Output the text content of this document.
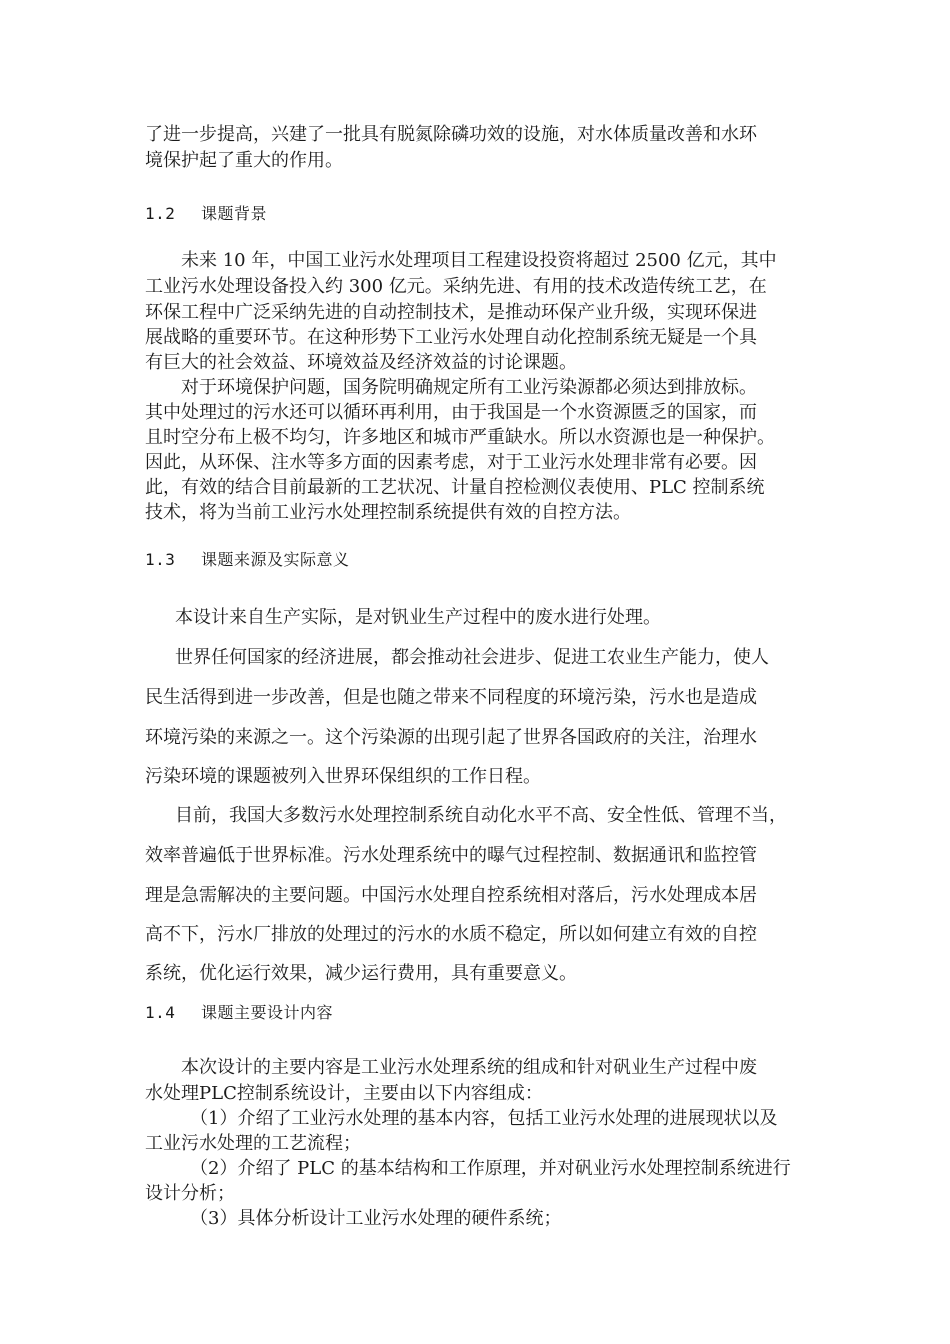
了进一步提高，兴建了一批具有脱氮除磷功效的设施，对水体质量改善和水环
境保护起了重大的作用。
1.2 课题背景
未来 10 年，中国工业污水处理项目工程建设投资将超过 2500 亿元，其中
工业污水处理设备投入约 300 亿元。采纳先进、有用的技术改造传统工艺，在
环保工程中广泛采纳先进的自动控制技术，是推动环保产业升级，实现环保进
展战略的重要环节。在这种形势下工业污水处理自动化控制系统无疑是一个具
有巨大的社会效益、环境效益及经济效益的讨论课题。
对于环境保护问题，国务院明确规定所有工业污染源都必须达到排放标。
其中处理过的污水还可以循环再利用，由于我国是一个水资源匮乏的国家，而
且时空分布上极不均匀，许多地区和城市严重缺水。所以水资源也是一种保护。
因此，从环保、注水等多方面的因素考虑，对于工业污水处理非常有必要。因
此，有效的结合目前最新的工艺状况、计量自控检测仪表使用、PLC 控制系统
技术，将为当前工业污水处理控制系统提供有效的自控方法。
1.3 课题来源及实际意义
本设计来自生产实际，是对钒业生产过程中的废水进行处理。
世界任何国家的经济进展，都会推动社会进步、促进工农业生产能力，使人
民生活得到进一步改善，但是也随之带来不同程度的环境污染，污水也是造成
环境污染的来源之一。这个污染源的出现引起了世界各国政府的关注，治理水
污染环境的课题被列入世界环保组织的工作日程。
目前，我国大多数污水处理控制系统自动化水平不高、安全性低、管理不当，
效率普遍低于世界标准。污水处理系统中的曝气过程控制、数据通讯和监控管
理是急需解决的主要问题。中国污水处理自控系统相对落后，污水处理成本居
高不下，污水厂排放的处理过的污水的水质不稳定，所以如何建立有效的自控
系统，优化运行效果，减少运行费用，具有重要意义。
1.4 课题主要设计内容
本次设计的主要内容是工业污水处理系统的组成和针对矾业生产过程中废
水处理PLC控制系统设计，主要由以下内容组成：
（1）介绍了工业污水处理的基本内容，包括工业污水处理的进展现状以及
工业污水处理的工艺流程；
（2）介绍了 PLC 的基本结构和工作原理，并对矾业污水处理控制系统进行
设计分析；
（3）具体分析设计工业污水处理的硬件系统；
